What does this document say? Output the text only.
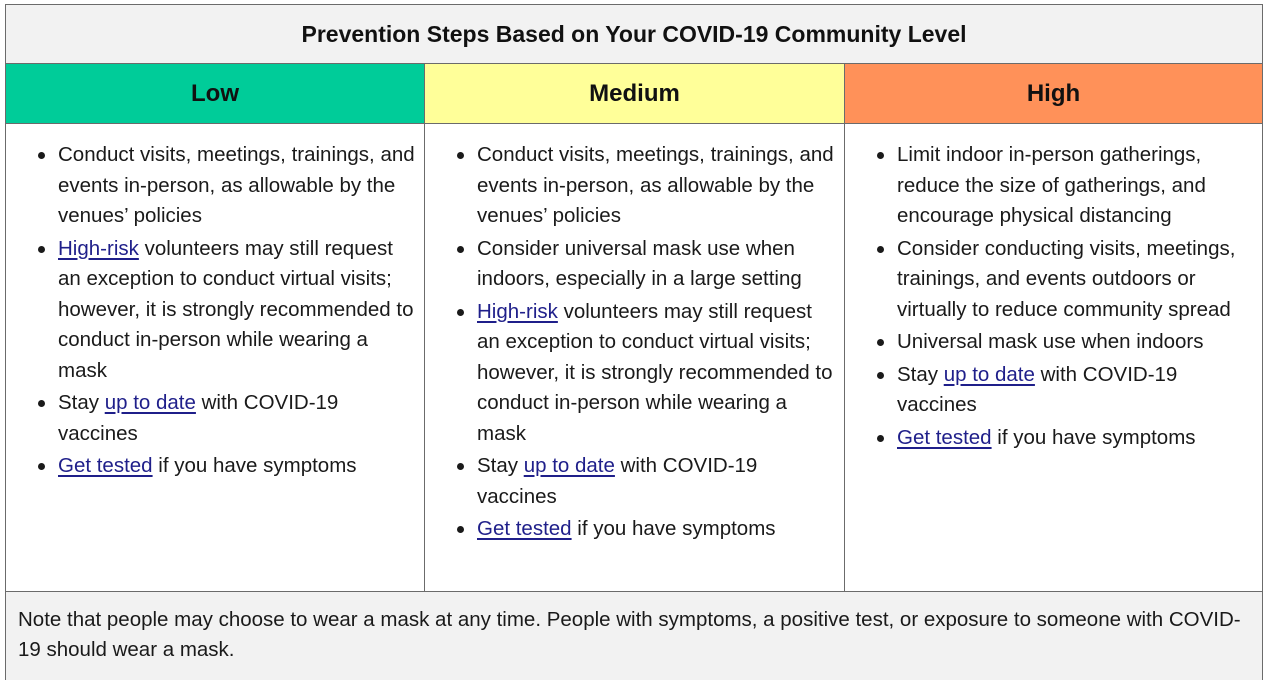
Prevention Steps Based on Your COVID-19 Community Level
Low	Medium	High
Conduct visits, meetings, trainings, and events in-person, as allowable by the venues’ policies
High-risk volunteers may still request an exception to conduct virtual visits; however, it is strongly recommended to conduct in-person while wearing a mask
Stay up to date with COVID-19 vaccines
Get tested if you have symptoms
Conduct visits, meetings, trainings, and events in-person, as allowable by the venues’ policies
Consider universal mask use when indoors, especially in a large setting
High-risk volunteers may still request an exception to conduct virtual visits; however, it is strongly recommended to conduct in-person while wearing a mask
Stay up to date with COVID-19 vaccines
Get tested if you have symptoms
Limit indoor in-person gatherings, reduce the size of gatherings, and encourage physical distancing
Consider conducting visits, meetings, trainings, and events outdoors or virtually to reduce community spread
Universal mask use when indoors
Stay up to date with COVID-19 vaccines
Get tested if you have symptoms
Note that people may choose to wear a mask at any time. People with symptoms, a positive test, or exposure to someone with COVID-19 should wear a mask.
